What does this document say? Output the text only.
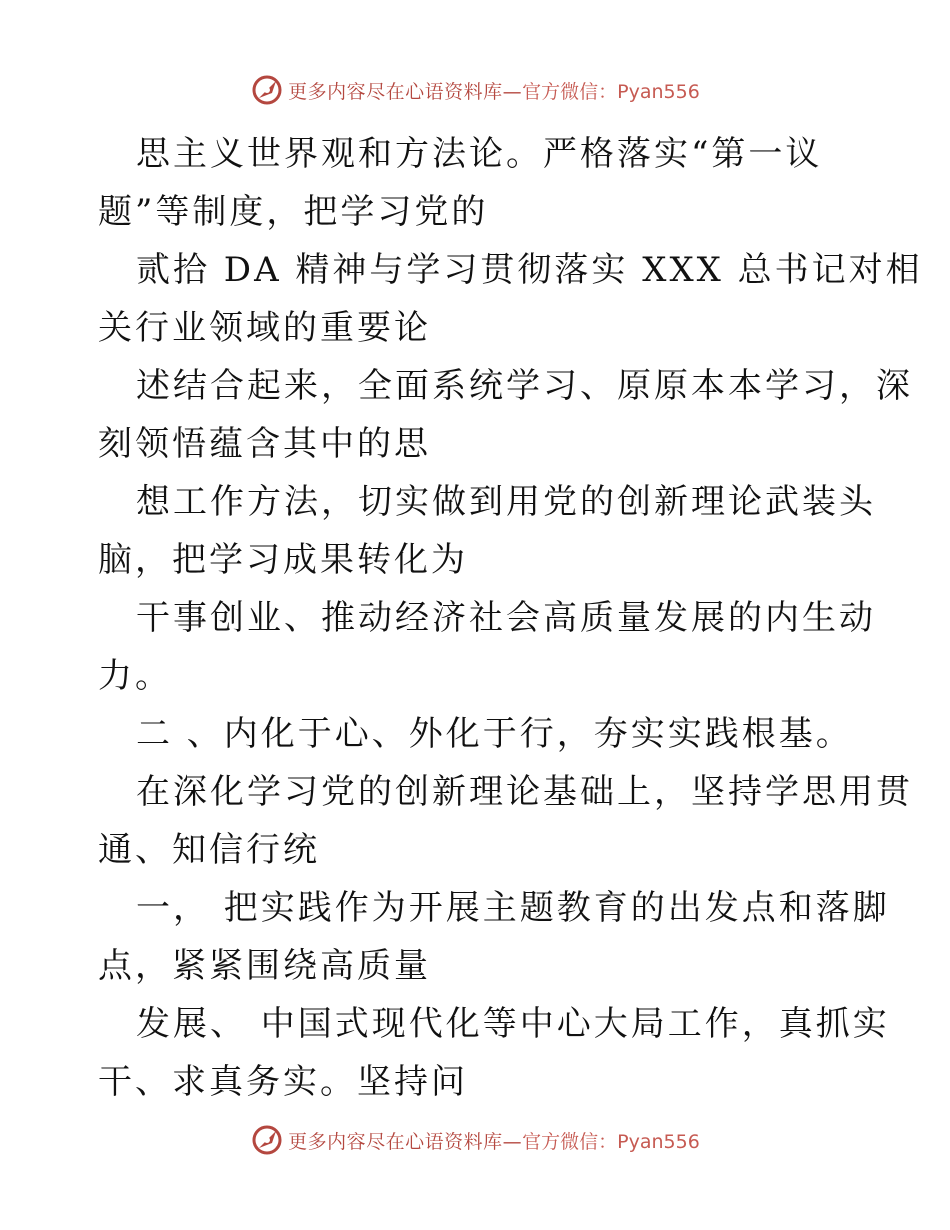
更多内容尽在心语资料库— 官方微信：Pyan556
思主义世界观和方法论。严格落实“第一议
题”等制度，把学习党的
贰拾 DA 精神与学习贯彻落实 XXX 总书记对相
关行业领域的重要论
述结合起来，全面系统学习、原原本本学习，深
刻领悟蕴含其中的思
想工作方法，切实做到用党的创新理论武装头
脑，把学习成果转化为
干事创业、推动经济社会高质量发展的内生动
力。
二 、内化于心、外化于行，夯实实践根基。
在深化学习党的创新理论基础上，坚持学思用贯
通、知信行统
一， 把实践作为开展主题教育的出发点和落脚
点，紧紧围绕高质量
发展、 中国式现代化等中心大局工作，真抓实
干、求真务实。坚持问
更多内容尽在心语资料库— 官方微信：Pyan556
